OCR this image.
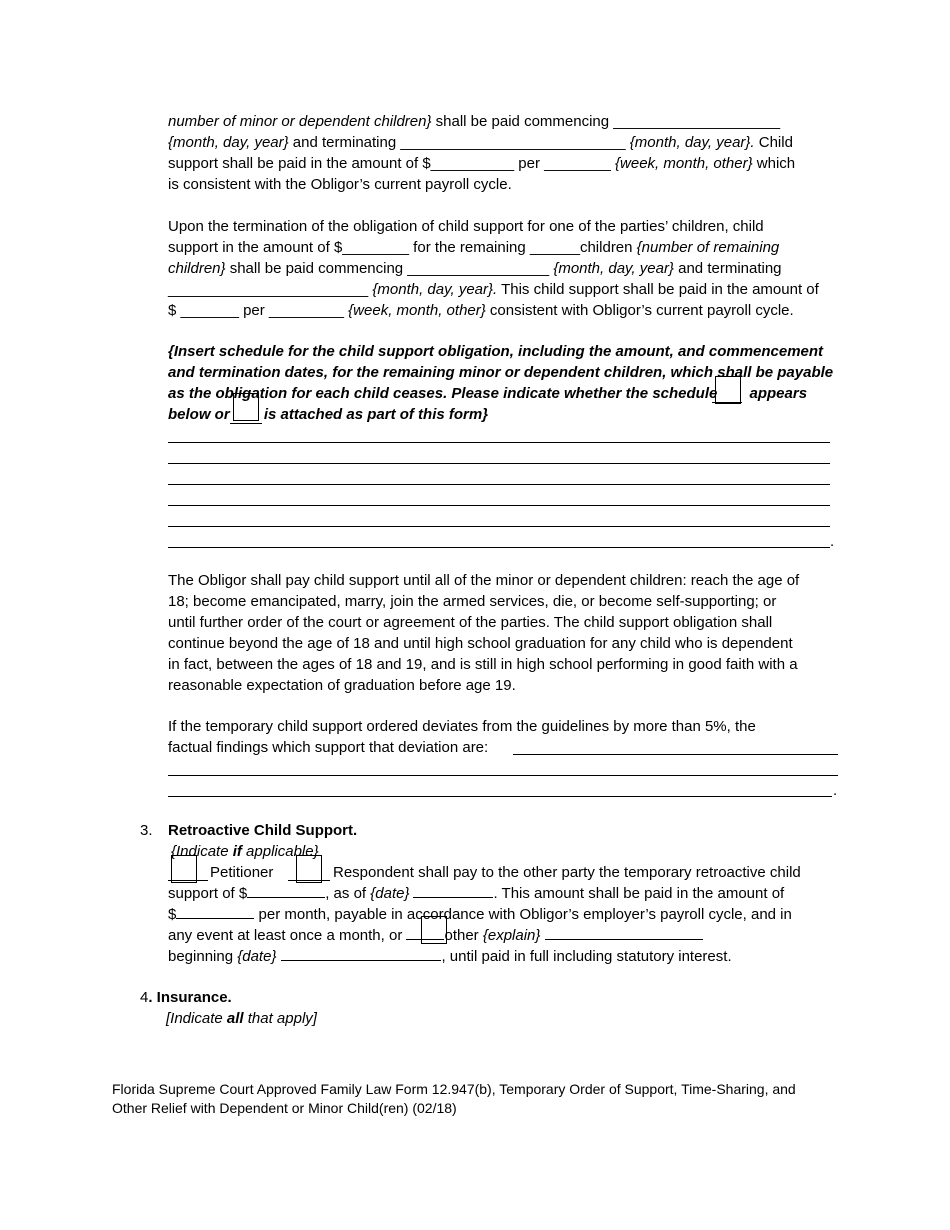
number of minor or dependent children} shall be paid commencing ____________________
{month, day, year} and terminating ___________________________ {month, day, year}. Child
support shall be paid in the amount of $__________ per ________ {week, month, other} which
is consistent with the Obligor’s current payroll cycle.
Upon the termination of the obligation of child support for one of the parties’ children, child
support in the amount of $________ for the remaining ______children {number of remaining
children} shall be paid commencing _________________ {month, day, year} and terminating
________________________ {month, day, year}. This child support shall be paid in the amount of
$ _______ per _________ {week, month, other} consistent with Obligor’s current payroll cycle.
{Insert schedule for the child support obligation, including the amount, and commencement
and termination dates, for the remaining minor or dependent children, which shall be payable
as the obligation for each child ceases. Please indicate whether the schedule appears
below or is attached as part of this form}
.
The Obligor shall pay child support until all of the minor or dependent children: reach the age of
18; become emancipated, marry, join the armed services, die, or become self-supporting; or
until further order of the court or agreement of the parties. The child support obligation shall
continue beyond the age of 18 and until high school graduation for any child who is dependent
in fact, between the ages of 18 and 19, and is still in high school performing in good faith with a
reasonable expectation of graduation before age 19.
If the temporary child support ordered deviates from the guidelines by more than 5%, the
factual findings which support that deviation are:
.
3. Retroactive Child Support.
{Indicate if applicable}
Petitioner	Respondent shall pay to the other party the temporary retroactive child
support of $	, as of {date}	. This amount shall be paid in the amount of
$	per month, payable in accordance with Obligor’s employer’s payroll cycle, and in
any event at least once a month, or	other {explain}
beginning {date}	, until paid in full including statutory interest.
4. Insurance.
[Indicate all that apply]
Florida Supreme Court Approved Family Law Form 12.947(b), Temporary Order of Support, Time-Sharing, and
Other Relief with Dependent or Minor Child(ren) (02/18)
